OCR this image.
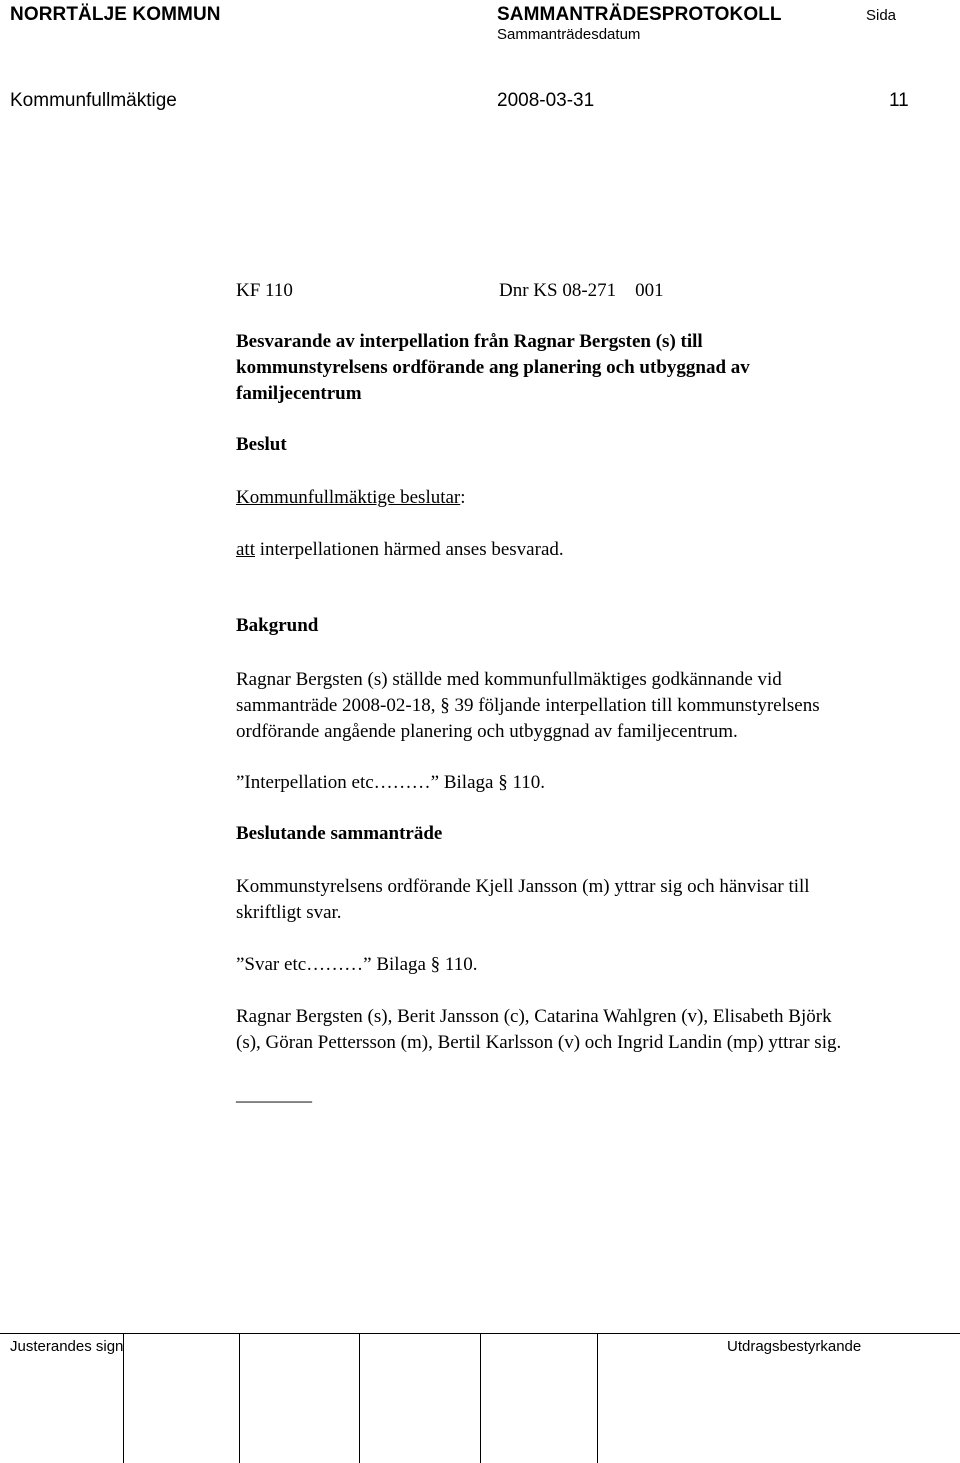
NORRTÄLJE KOMMUN	SAMMANTRÄDESPROTOKOLL	Sida
Sammanträdesdatum
Kommunfullmäktige	2008-03-31	11
KF 110	Dnr KS 08-271    001
Besvarande av interpellation från Ragnar Bergsten (s) till
kommunstyrelsens ordförande ang planering och utbyggnad av
familjecentrum
Beslut
Kommunfullmäktige beslutar:
att interpellationen härmed anses besvarad.
Bakgrund
Ragnar Bergsten (s) ställde med kommunfullmäktiges godkännande vid
sammanträde 2008-02-18, § 39 följande interpellation till kommunstyrelsens
ordförande angående planering och utbyggnad av familjecentrum.
”Interpellation etc………” Bilaga § 110.
Beslutande sammanträde
Kommunstyrelsens ordförande Kjell Jansson (m) yttrar sig och hänvisar till
skriftligt svar.
”Svar etc………” Bilaga § 110.
Ragnar Bergsten (s), Berit Jansson (c), Catarina Wahlgren (v), Elisabeth Björk
(s), Göran Pettersson (m), Bertil Karlsson (v) och Ingrid Landin (mp) yttrar sig.
________
Justerandes sign	Utdragsbestyrkande
